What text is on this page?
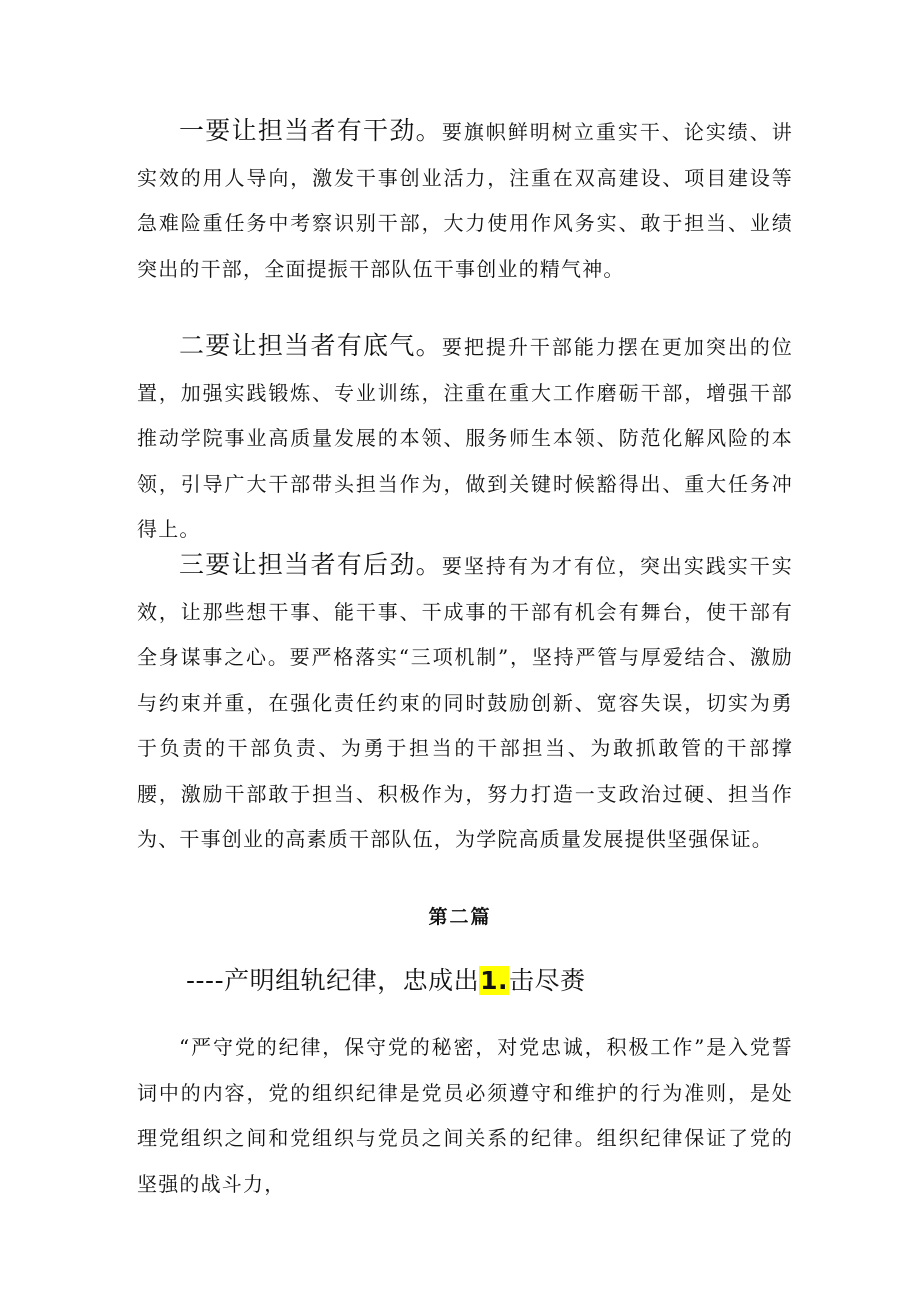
一要让担当者有干劲。要旗帜鲜明树立重实干、论实绩、讲实效的用人导向，激发干事创业活力，注重在双高建设、项目建设等急难险重任务中考察识别干部，大力使用作风务实、敢于担当、业绩突出的干部，全面提振干部队伍干事创业的精气神。

二要让担当者有底气。要把提升干部能力摆在更加突出的位置，加强实践锻炼、专业训练，注重在重大工作磨砺干部，增强干部推动学院事业高质量发展的本领、服务师生本领、防范化解风险的本领，引导广大干部带头担当作为，做到关键时候豁得出、重大任务冲得上。

三要让担当者有后劲。要坚持有为才有位，突出实践实干实效，让那些想干事、能干事、干成事的干部有机会有舞台，使干部有全身谋事之心。要严格落实“三项机制”，坚持严管与厚爱结合、激励与约束并重，在强化责任约束的同时鼓励创新、宽容失误，切实为勇于负责的干部负责、为勇于担当的干部担当、为敢抓敢管的干部撑腰，激励干部敢于担当、积极作为，努力打造一支政治过硬、担当作为、干事创业的高素质干部队伍，为学院高质量发展提供坚强保证。

第二篇

----产明组轨纪律，忠成出1.击尽赉

“严守党的纪律，保守党的秘密，对党忠诚，积极工作”是入党誓词中的内容，党的组织纪律是党员必须遵守和维护的行为准则，是处理党组织之间和党组织与党员之间关系的纪律。组织纪律保证了党的坚强的战斗力，
